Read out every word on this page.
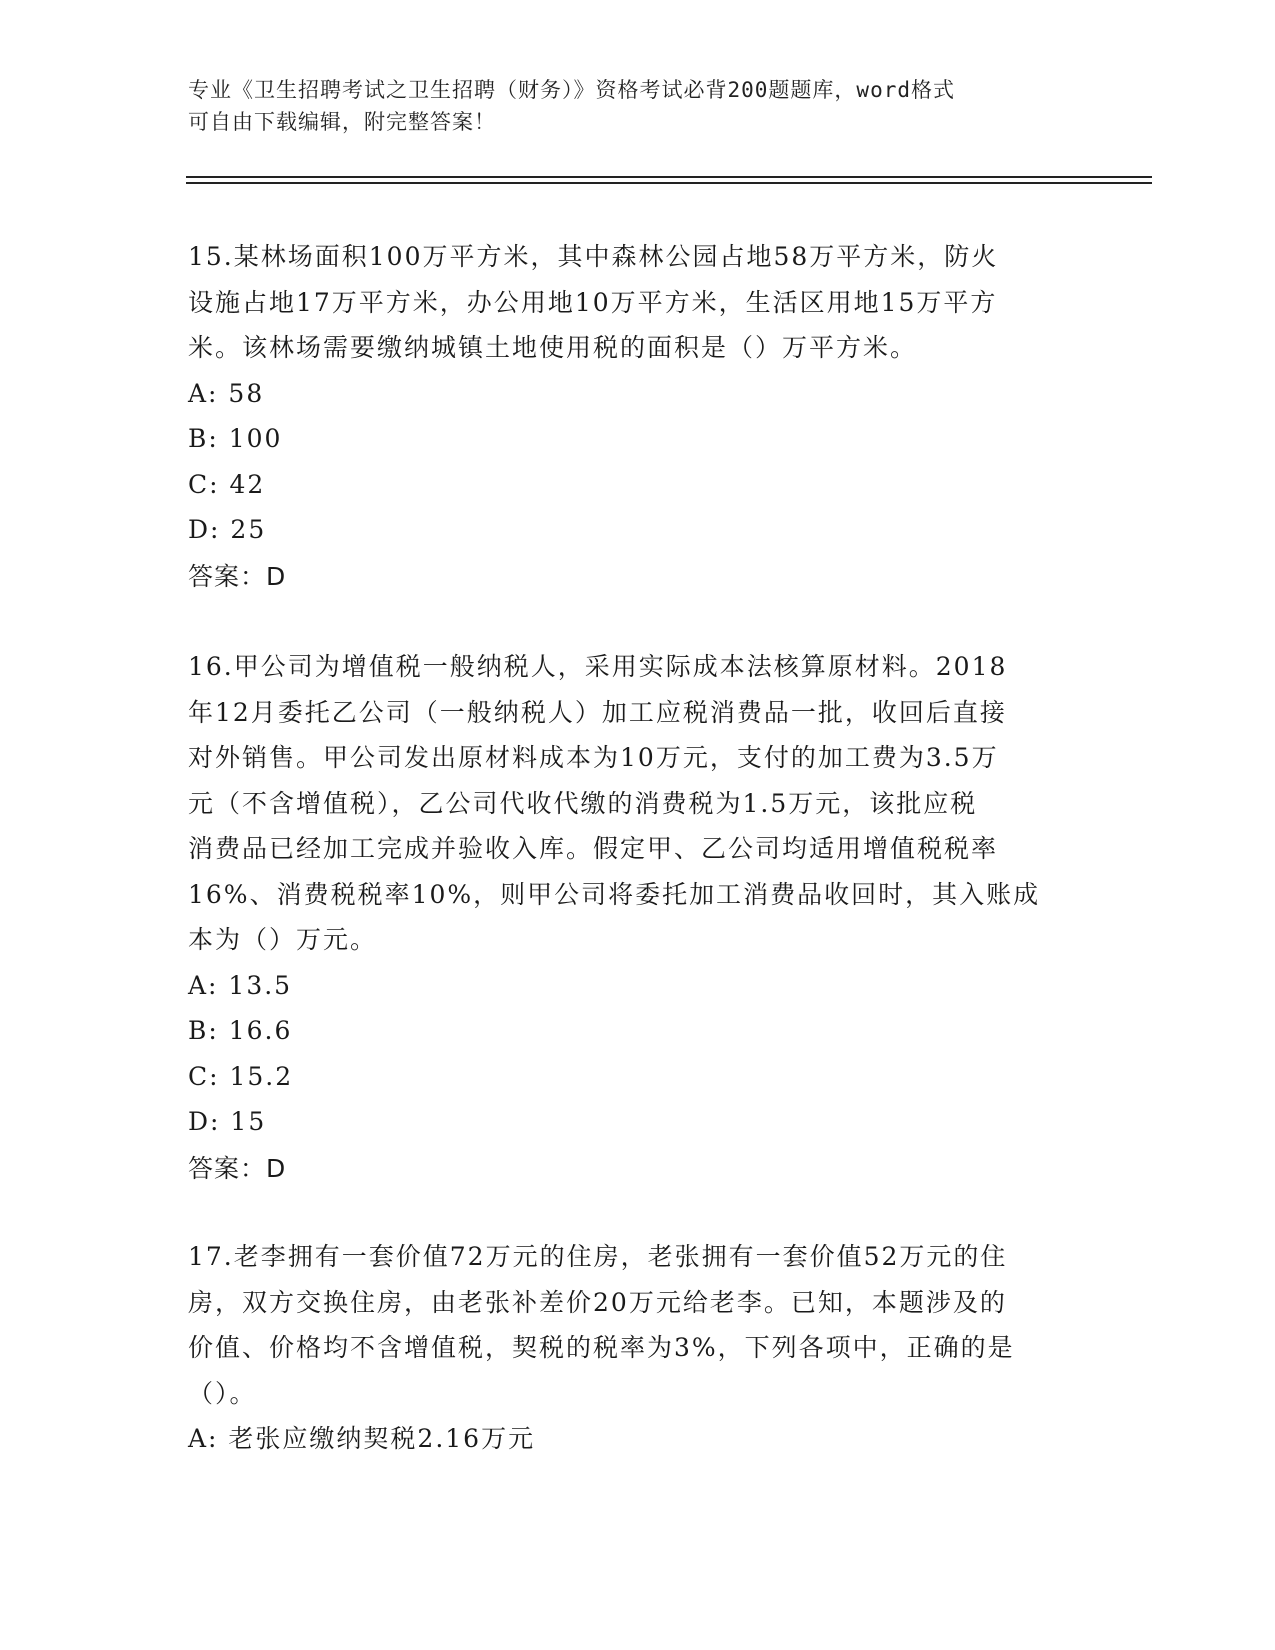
专业《卫生招聘考试之卫生招聘（财务）》资格考试必背200题题库，word格式
可自由下载编辑，附完整答案！
15.某林场面积100万平方米，其中森林公园占地58万平方米，防火
设施占地17万平方米，办公用地10万平方米，生活区用地15万平方
米。该林场需要缴纳城镇土地使用税的面积是（）万平方米。
A: 58
B: 100
C: 42
D: 25
答案：D
16.甲公司为增值税一般纳税人，采用实际成本法核算原材料。2018
年12月委托乙公司（一般纳税人）加工应税消费品一批，收回后直接
对外销售。甲公司发出原材料成本为10万元，支付的加工费为3.5万
元（不含增值税），乙公司代收代缴的消费税为1.5万元，该批应税
消费品已经加工完成并验收入库。假定甲、乙公司均适用增值税税率
16%、消费税税率10%，则甲公司将委托加工消费品收回时，其入账成
本为（）万元。
A: 13.5
B: 16.6
C: 15.2
D: 15
答案：D
17.老李拥有一套价值72万元的住房，老张拥有一套价值52万元的住
房，双方交换住房，由老张补差价20万元给老李。已知，本题涉及的
价值、价格均不含增值税，契税的税率为3%，下列各项中，正确的是
（）。
A: 老张应缴纳契税2.16万元
